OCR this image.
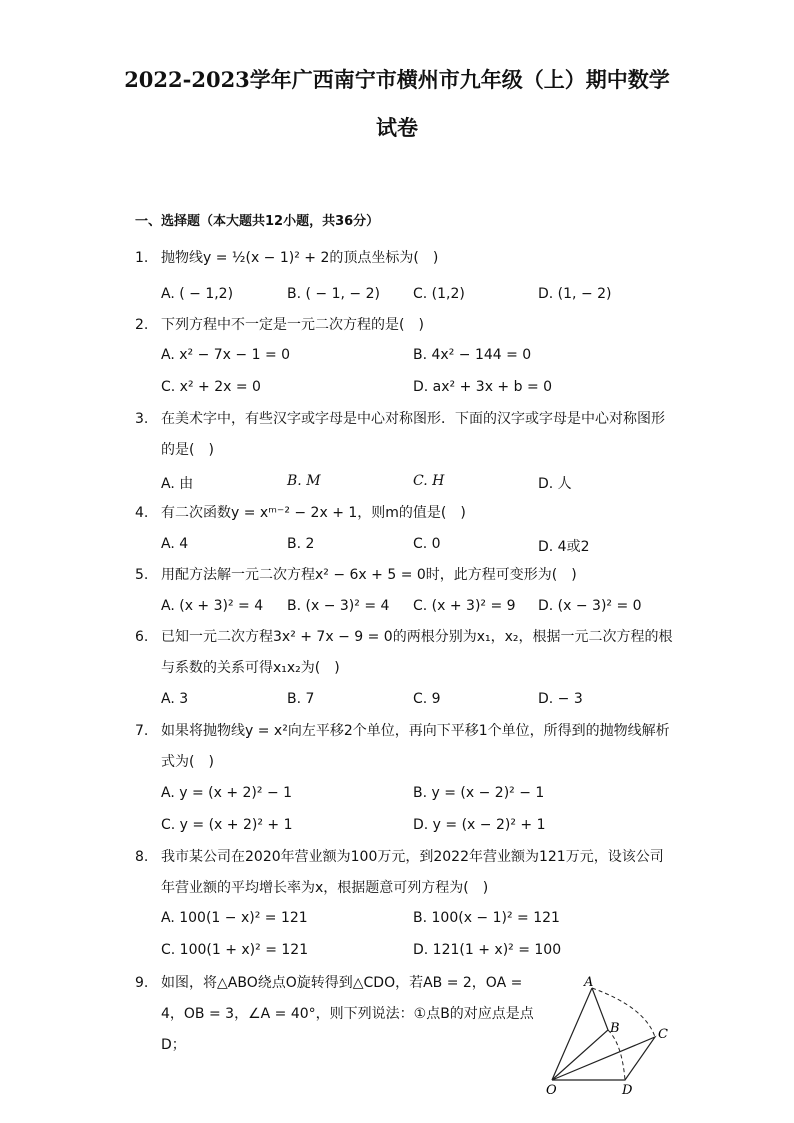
2022-2023学年广西南宁市横州市九年级（上）期中数学
试卷
一、选择题（本大题共12小题，共36分）
1. 抛物线y = ½(x − 1)² + 2的顶点坐标为(　)
A. ( − 1,2)	B. ( − 1, − 2) C. (1,2)	D. (1, − 2)
2. 下列方程中不一定是一元二次方程的是(　)
A. x² − 7x − 1 = 0	B. 4x² − 144 = 0
C. x² + 2x = 0	D. ax² + 3x + b = 0
3. 在美术字中，有些汉字或字母是中心对称图形．下面的汉字或字母是中心对称图形的是(　)
A. 由	B. M	C. H	D. 人
4. 有二次函数y = xᵐ⁻² − 2x + 1，则m的值是(　)
A. 4	B. 2	C. 0	D. 4或2
5. 用配方法解一元二次方程x² − 6x + 5 = 0时，此方程可变形为(　)
A. (x + 3)² = 4 B. (x − 3)² = 4 C. (x + 3)² = 9 D. (x − 3)² = 0
6. 已知一元二次方程3x² + 7x − 9 = 0的两根分别为x₁，x₂，根据一元二次方程的根与系数的关系可得x₁x₂为(　)
A. 3	B. 7	C. 9	D. − 3
7. 如果将抛物线y = x²向左平移2个单位，再向下平移1个单位，所得到的抛物线解析式为(　)
A. y = (x + 2)² − 1	B. y = (x − 2)² − 1
C. y = (x + 2)² + 1	D. y = (x − 2)² + 1
8. 我市某公司在2020年营业额为100万元，到2022年营业额为121万元，设该公司年营业额的平均增长率为x，根据题意可列方程为(　)
A. 100(1 − x)² = 121	B. 100(x − 1)² = 121
C. 100(1 + x)² = 121	D. 121(1 + x)² = 100
9. 如图，将△ABO绕点O旋转得到△CDO，若AB = 2，OA = 4，OB = 3，∠A = 40°，则下列说法：①点B的对应点是点D；
A
B	C
O	D
